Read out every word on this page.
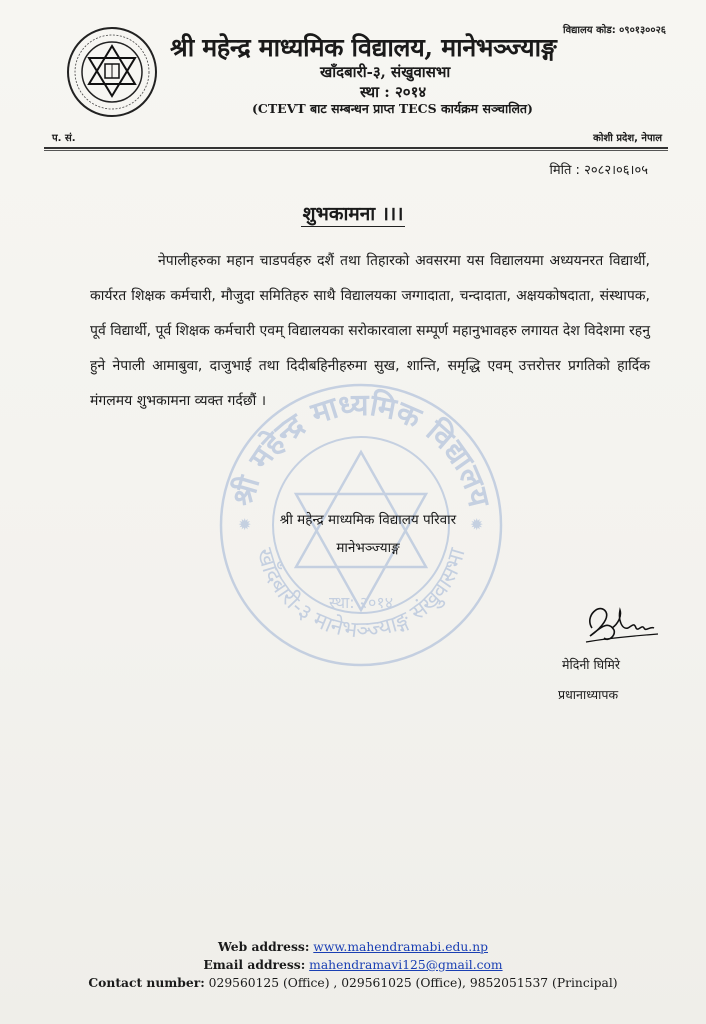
विद्यालय कोड: ०९०१३००२६
श्री महेन्द्र माध्यमिक विद्यालय, मानेभञ्ज्याङ्ग
खाँदबारी-३, संखुवासभा
स्था : २०१४
(CTEVT बाट सम्बन्धन प्राप्त TECS कार्यक्रम सञ्चालित)
प. सं.	कोशी प्रदेश, नेपाल
मिति : २०८२।०६।०५
शुभकामना ।।।
श्री महेन्द्र माध्यमिक विद्यालय
खाँदबारी-३ मानेभञ्ज्याङ्ग संखुवासभा
स्था: २०१४
✹	✹

नेपालीहरुका महान चाडपर्वहरु दशैं तथा तिहारको अवसरमा यस विद्यालयमा अध्ययनरत विद्यार्थी, कार्यरत शिक्षक कर्मचारी, मौजुदा समितिहरु साथै विद्यालयका जग्गादाता, चन्दादाता, अक्षयकोषदाता, संस्थापक, पूर्व विद्यार्थी, पूर्व शिक्षक कर्मचारी एवम् विद्यालयका सरोकारवाला सम्पूर्ण महानुभावहरु लगायत देश विदेशमा रहनु हुने नेपाली आमाबुवा, दाजुभाई तथा दिदीबहिनीहरुमा सुख, शान्ति, समृद्धि एवम् उत्तरोत्तर प्रगतिको हार्दिक मंगलमय शुभकामना व्यक्त गर्दछौं ।

श्री महेन्द्र माध्यमिक विद्यालय परिवार
मानेभञ्ज्याङ्ग
मेदिनी घिमिरे
प्रधानाध्यापक
Web address: www.mahendramabi.edu.np
Email address: mahendramavi125@gmail.com
Contact number: 029560125 (Office) , 029561025 (Office), 9852051537 (Principal)
